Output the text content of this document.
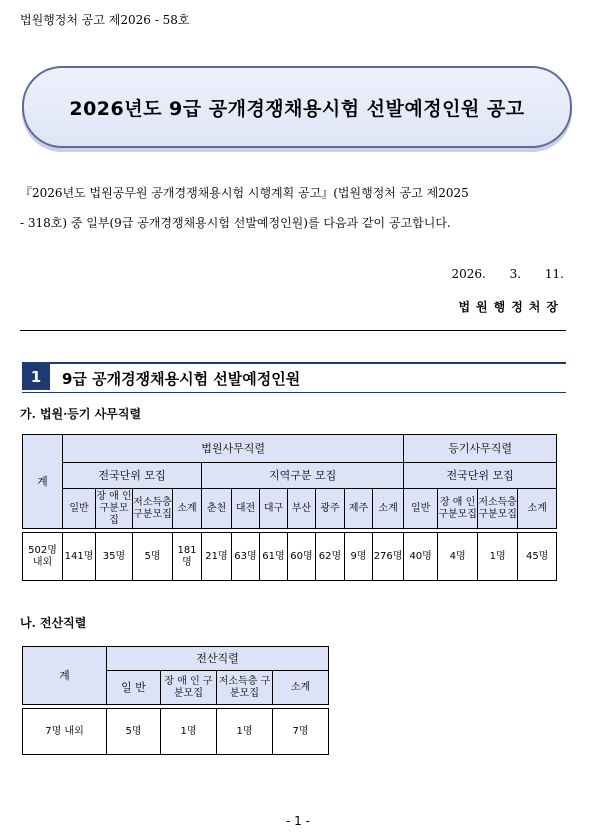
법원행정처 공고 제2026 - 58호
2026년도 9급 공개경쟁채용시험 선발예정인원 공고
『2026년도 법원공무원 공개경쟁채용시험 시행계획 공고』(법원행정처 공고 제2025
- 318호) 중 일부(9급 공개경쟁채용시험 선발예정인원)를 다음과 같이 공고합니다.
2026. 3. 11.
법원행정처장
1	9급 공개경쟁채용시험 선발예정인원
가. 법원·등기 사무직렬
계	법원사무직렬											등기사무직렬			
	전국단위 모집				지역구분 모집							전국단위 모집			
	일반	장 애 인 구분모집	저소득층 구분모집	소계	춘천	대전	대구	부산	광주	제주	소계	일반	장 애 인 구분모집	저소득층 구분모집	소계

502명 내외	141명	35명	5명	181명	21명	63명	61명	60명	62명	9명	276명	40명	4명	1명	45명
나. 전산직렬
계	전산직렬			
	일 반	장 애 인 구분모집	저소득층 구분모집	소계

7명 내외	5명	1명	1명	7명
- 1 -
